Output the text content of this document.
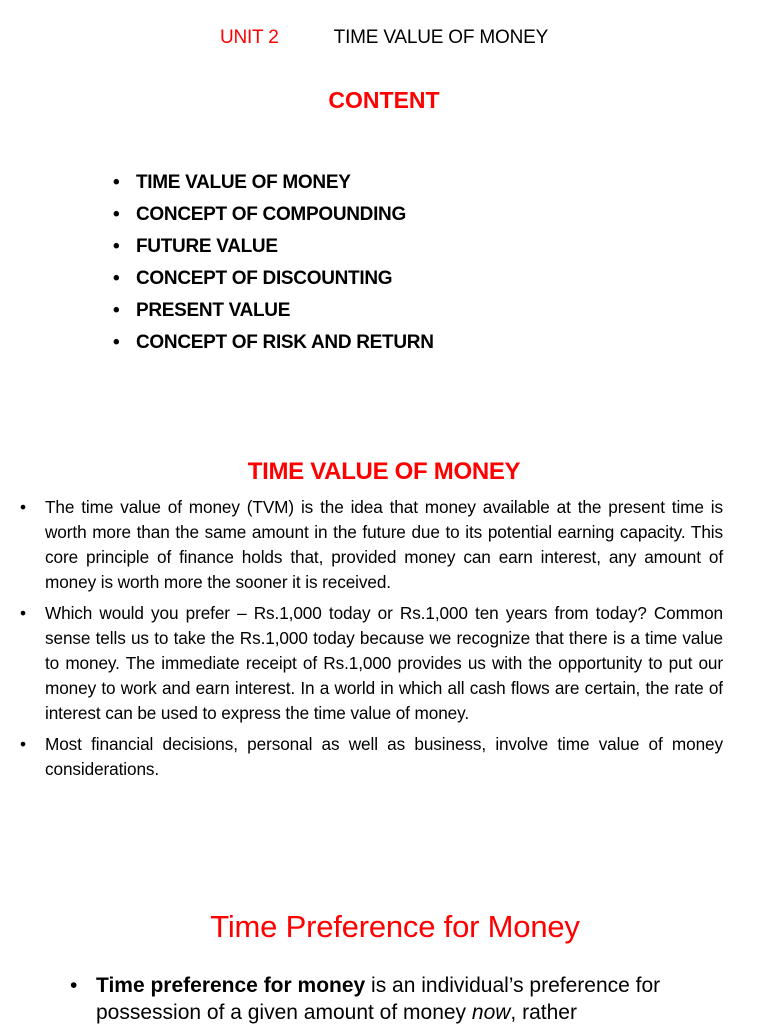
UNIT 2	TIME VALUE OF MONEY
CONTENT
• TIME VALUE OF MONEY
• CONCEPT OF COMPOUNDING
• FUTURE VALUE
• CONCEPT OF DISCOUNTING
• PRESENT VALUE
• CONCEPT OF RISK AND RETURN
TIME VALUE OF MONEY
• The time value of money (TVM) is the idea that money available at the present time is worth more than the same amount in the future due to its potential earning capacity. This core principle of finance holds that, provided money can earn interest, any amount of money is worth more the sooner it is received.
• Which would you prefer – Rs.1,000 today or Rs.1,000 ten years from today? Common sense tells us to take the Rs.1,000 today because we recognize that there is a time value to money. The immediate receipt of Rs.1,000 provides us with the opportunity to put our money to work and earn interest. In a world in which all cash flows are certain, the rate of interest can be used to express the time value of money.
• Most financial decisions, personal as well as business, involve time value of money considerations.
Time Preference for Money
• Time preference for money is an individual’s preference for possession of a given amount of money now, rather
